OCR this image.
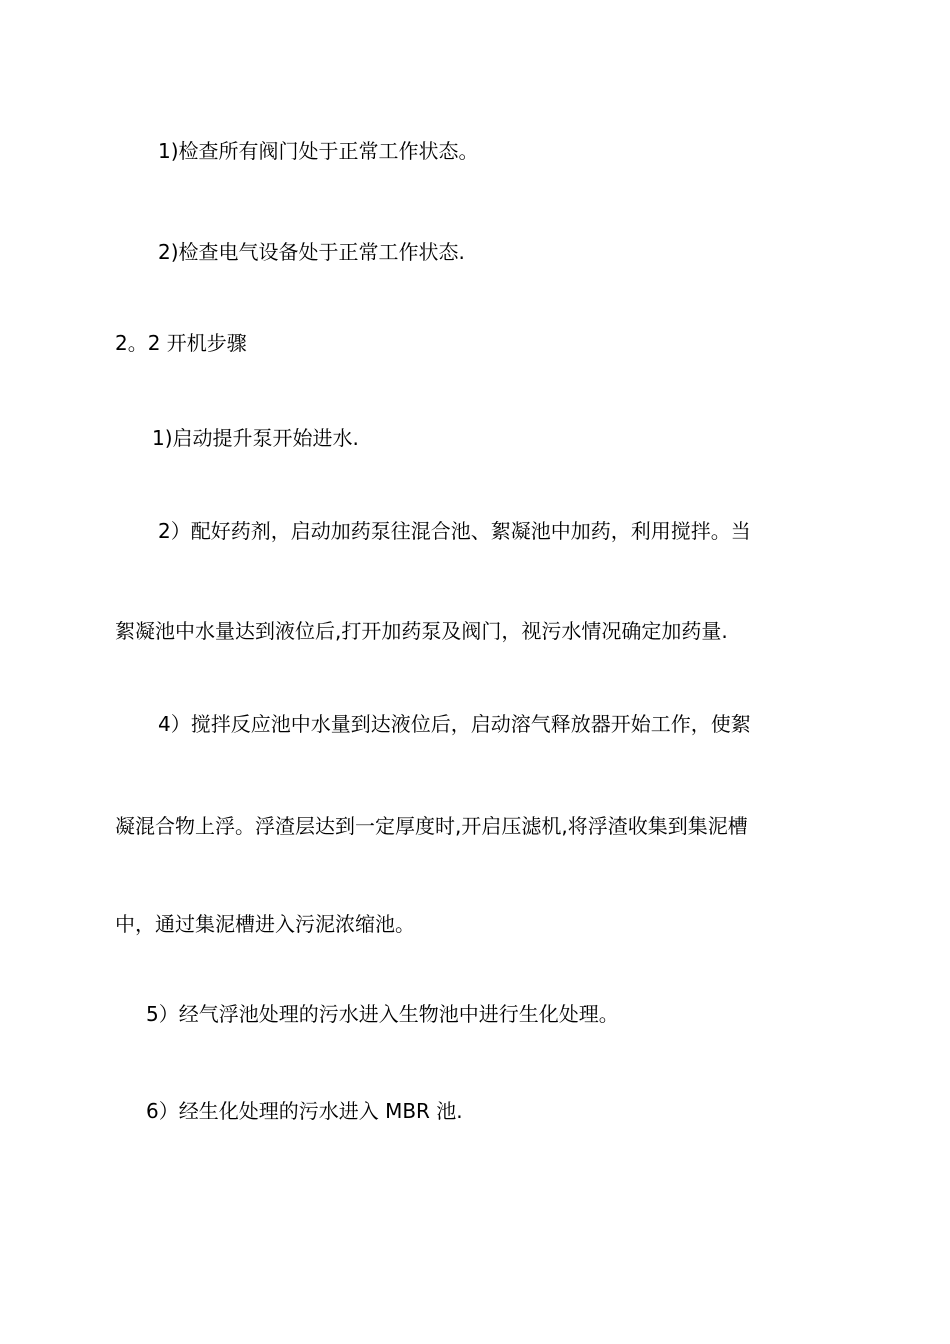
1)检查所有阀门处于正常工作状态。
2)检查电气设备处于正常工作状态.
2。2 开机步骤
1)启动提升泵开始进水.
2）配好药剂，启动加药泵往混合池、絮凝池中加药，利用搅拌。当
絮凝池中水量达到液位后,打开加药泵及阀门，视污水情况确定加药量.
4）搅拌反应池中水量到达液位后，启动溶气释放器开始工作，使絮
凝混合物上浮。浮渣层达到一定厚度时,开启压滤机,将浮渣收集到集泥槽
中，通过集泥槽进入污泥浓缩池。
5）经气浮池处理的污水进入生物池中进行生化处理。
6）经生化处理的污水进入 MBR 池.
